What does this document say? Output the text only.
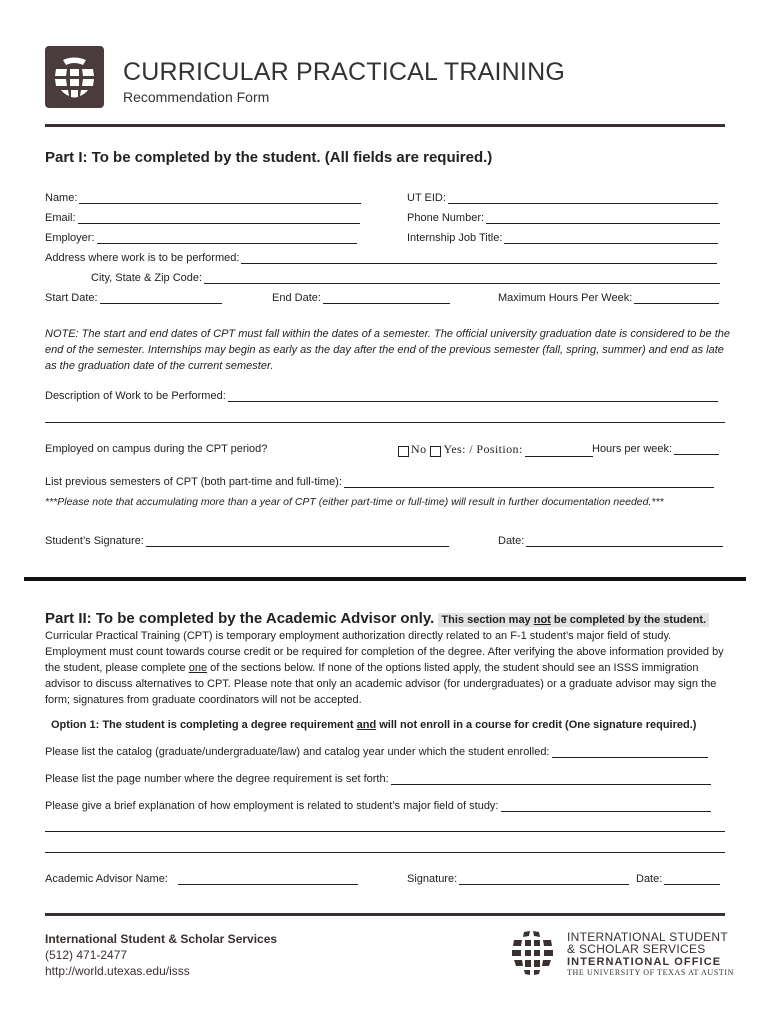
CURRICULAR PRACTICAL TRAINING
Recommendation Form
Part I: To be completed by the student. (All fields are required.)
Name:	UT EID:
Email:	Phone Number:
Employer:	Internship Job Title:
Address where work is to be performed:
City, State & Zip Code:
Start Date:	End Date:	Maximum Hours Per Week:
NOTE: The start and end dates of CPT must fall within the dates of a semester. The official university graduation date is considered to be the end of the semester. Internships may begin as early as the day after the end of the previous semester (fall, spring, summer) and end as late as the graduation date of the current semester.
Description of Work to be Performed:
Employed on campus during the CPT period?	No Yes: / Position:	Hours per week:
List previous semesters of CPT (both part-time and full-time):
***Please note that accumulating more than a year of CPT (either part-time or full-time) will result in further documentation needed.***
Student’s Signature:	Date:
Part II: To be completed by the Academic Advisor only. This section may not be completed by the student.
Curricular Practical Training (CPT) is temporary employment authorization directly related to an F-1 student’s major field of study. Employment must count towards course credit or be required for completion of the degree. After verifying the above information provided by the student, please complete one of the sections below. If none of the options listed apply, the student should see an ISSS immigration advisor to discuss alternatives to CPT. Please note that only an academic advisor (for undergraduates) or a graduate advisor may sign the form; signatures from graduate coordinators will not be accepted.
Option 1: The student is completing a degree requirement and will not enroll in a course for credit (One signature required.)
Please list the catalog (graduate/undergraduate/law) and catalog year under which the student enrolled:
Please list the page number where the degree requirement is set forth:
Please give a brief explanation of how employment is related to student’s major field of study:
Academic Advisor Name:	Signature:	Date:
International Student & Scholar Services
(512) 471-2477
http://world.utexas.edu/isss
INTERNATIONAL STUDENT
& SCHOLAR SERVICES
INTERNATIONAL OFFICE
THE UNIVERSITY OF TEXAS AT AUSTIN
